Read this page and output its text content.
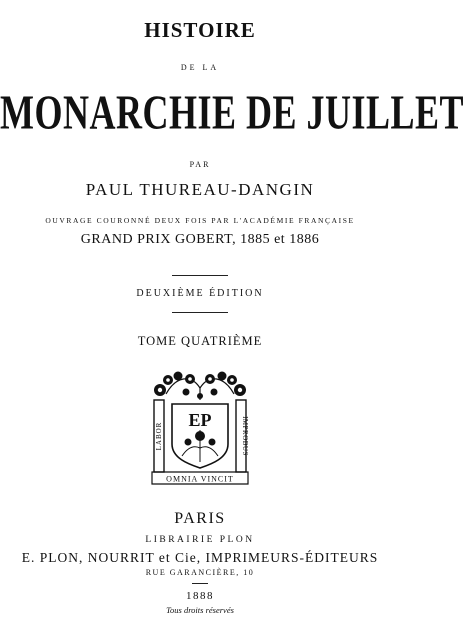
HISTOIRE
DE LA
MONARCHIE DE JUILLET
PAR
PAUL THUREAU-DANGIN
OUVRAGE COURONNÉ DEUX FOIS PAR L'ACADÉMIE FRANÇAISE
GRAND PRIX GOBERT, 1885 et 1886
DEUXIÈME ÉDITION
TOME QUATRIÈME
EP
LABOR	IMPROBUS
OMNIA VINCIT
PARIS
LIBRAIRIE PLON
E. PLON, NOURRIT et Cie, IMPRIMEURS-ÉDITEURS
RUE GARANCIÈRE, 10
1888
Tous droits réservés
